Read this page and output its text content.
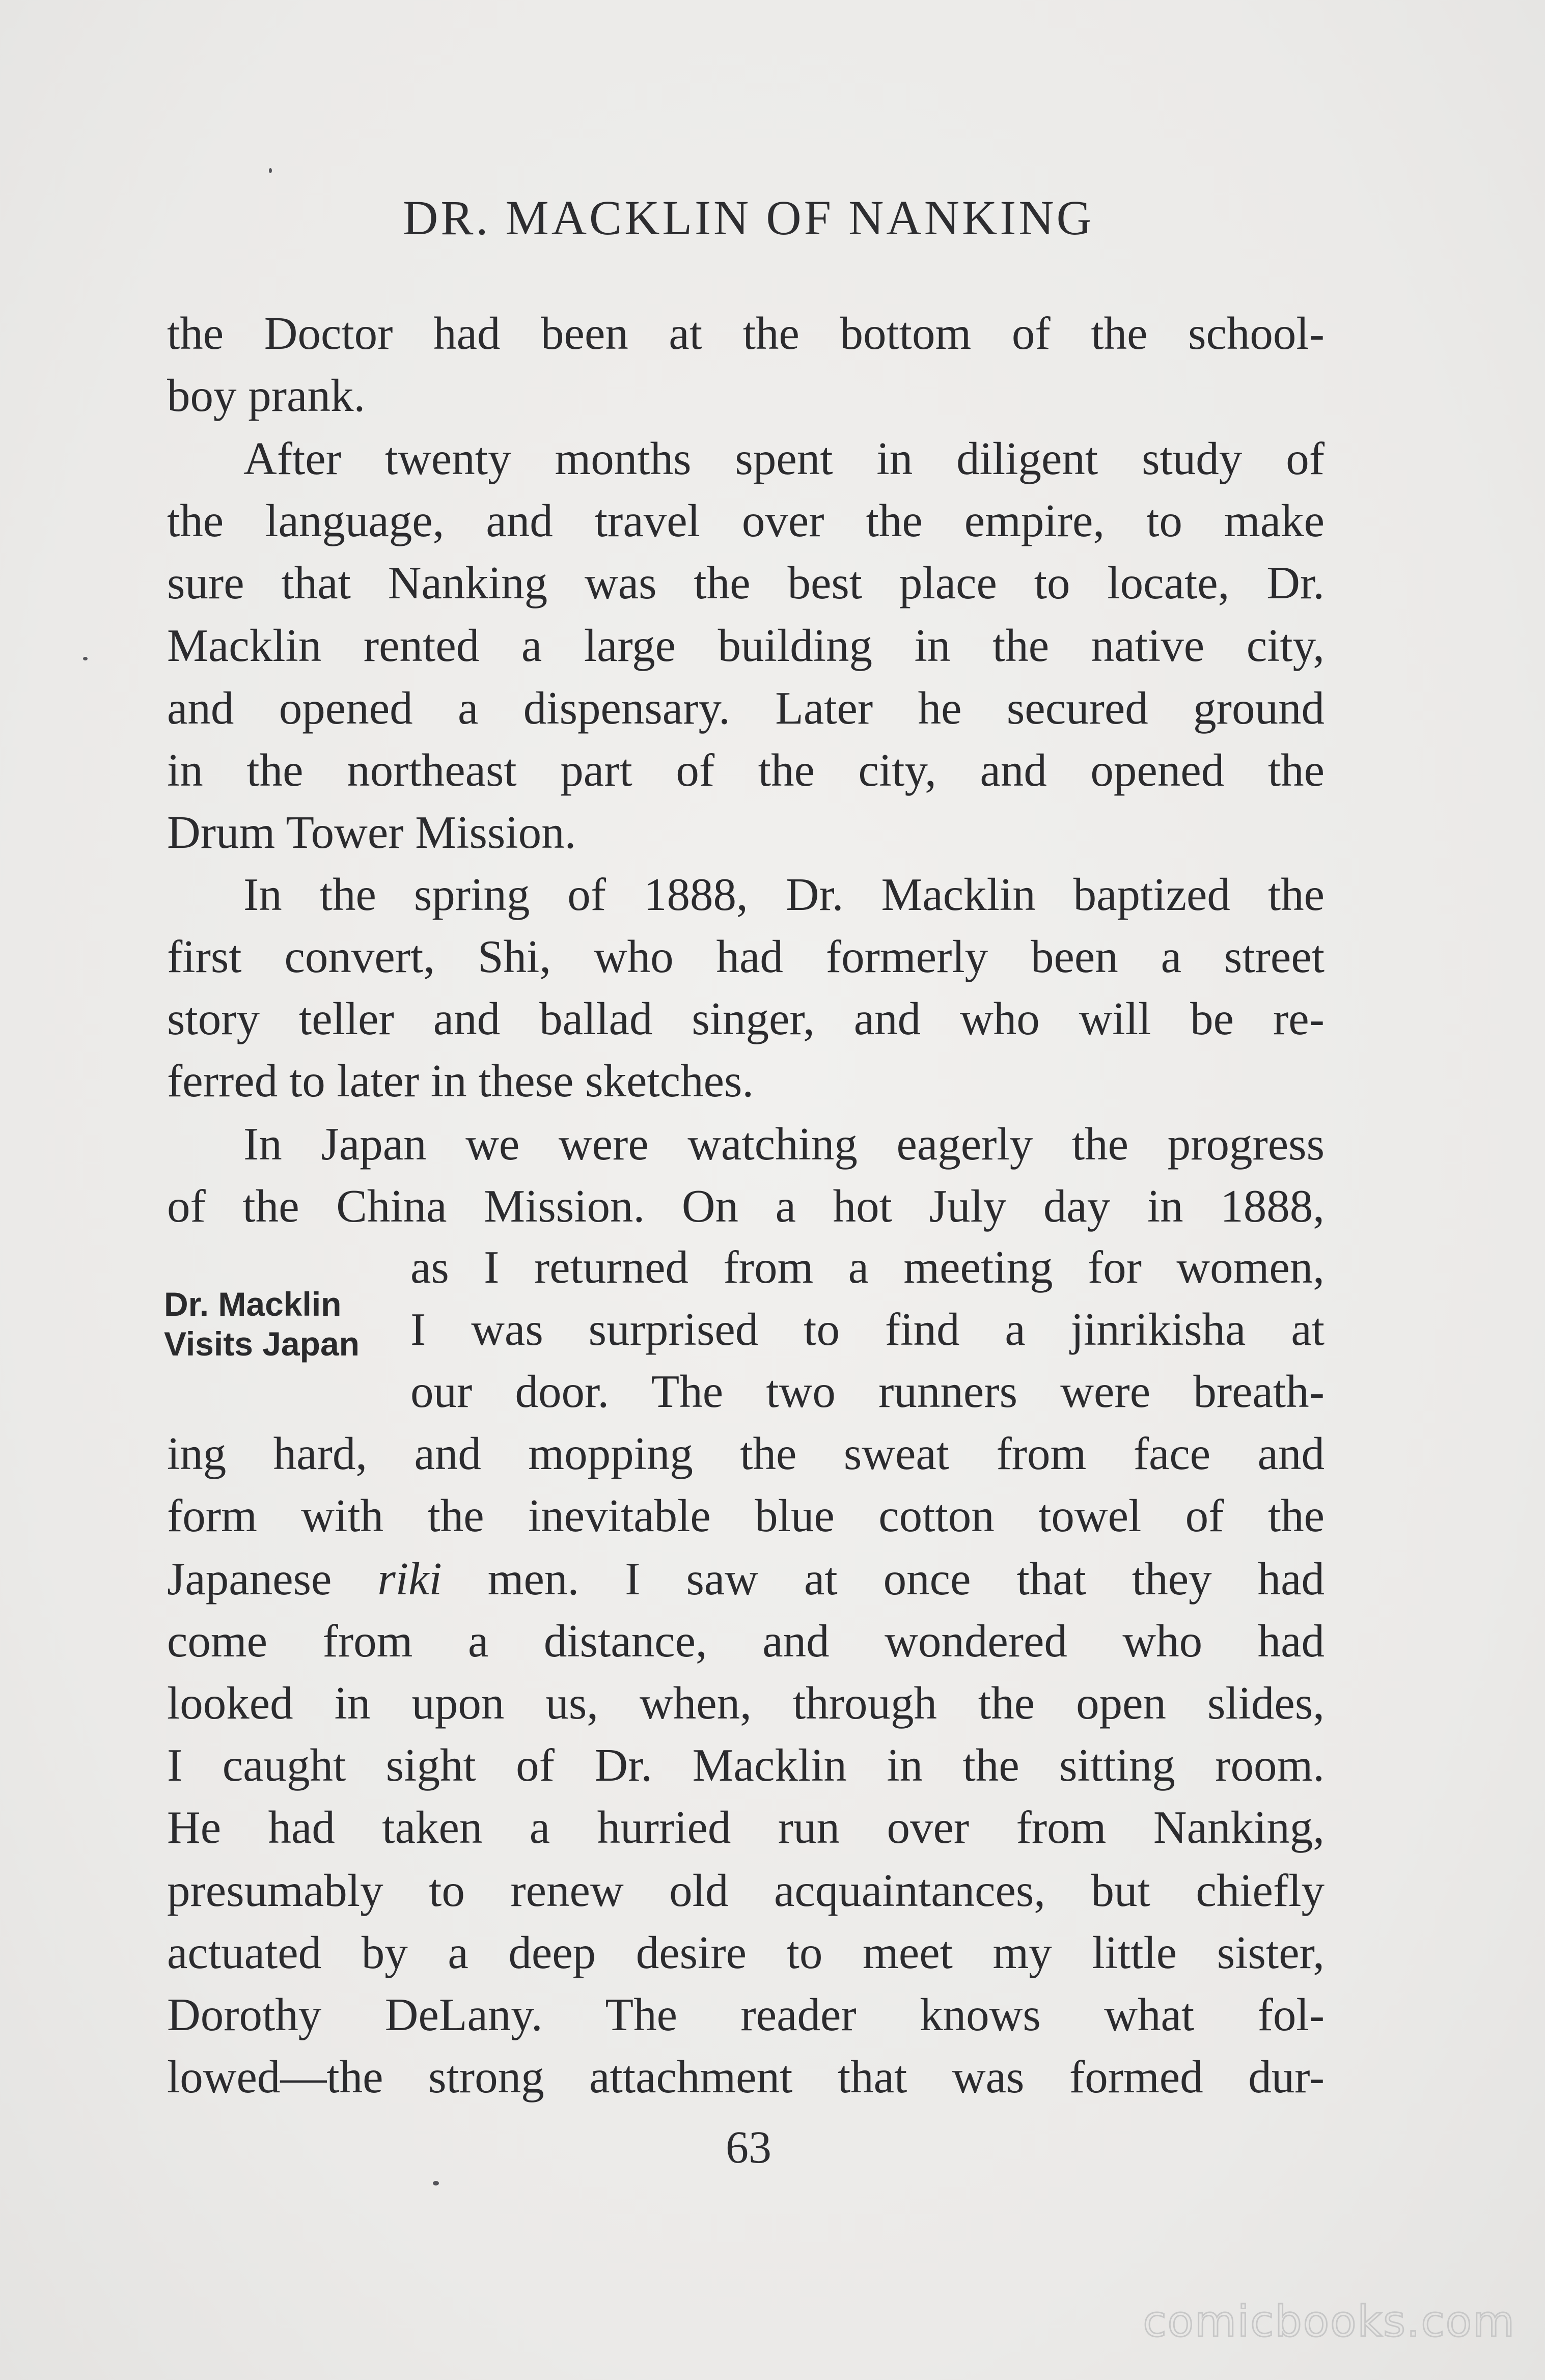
DR. MACKLIN OF NANKING
the Doctor had been at the bottom of the school-
boy prank.
After twenty months spent in diligent study of
the language, and travel over the empire, to make
sure that Nanking was the best place to locate, Dr.
Macklin rented a large building in the native city,
and opened a dispensary. Later he secured ground
in the northeast part of the city, and opened the
Drum Tower Mission.
In the spring of 1888, Dr. Macklin baptized the
first convert, Shi, who had formerly been a street
story teller and ballad singer, and who will be re-
ferred to later in these sketches.
In Japan we were watching eagerly the progress
of the China Mission. On a hot July day in 1888,
Dr. Macklin
Visits Japan
as I returned from a meeting for women,
I was surprised to find a jinrikisha at
our door. The two runners were breath-
ing hard, and mopping the sweat from face and
form with the inevitable blue cotton towel of the
Japanese riki men. I saw at once that they had
come from a distance, and wondered who had
looked in upon us, when, through the open slides,
I caught sight of Dr. Macklin in the sitting room.
He had taken a hurried run over from Nanking,
presumably to renew old acquaintances, but chiefly
actuated by a deep desire to meet my little sister,
Dorothy DeLany. The reader knows what fol-
lowed—the strong attachment that was formed dur-
63
comicbooks.com
